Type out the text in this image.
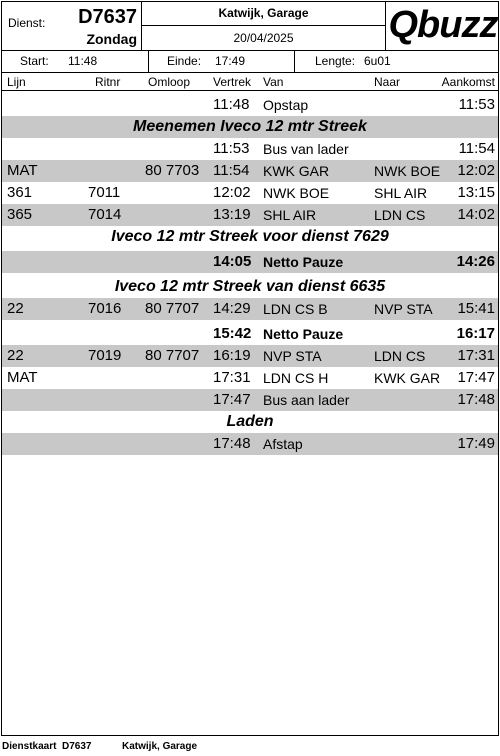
Dienst: D7637
Zondag
Katwijk, Garage
20/04/2025	Qbuzz
Start: 11:48	Einde: 17:49	Lengte: 6u01
Lijn	Ritnr Omloop Vertrek Van	Naar	Aankomst
11:48 Opstap	11:53
Meenemen Iveco 12 mtr Streek
11:53 Bus van lader	11:54
MAT	80 7703 11:54 KWK GAR	NWK BOE 12:02
361	7011	12:02 NWK BOE	SHL AIR 13:15
365	7014	13:19 SHL AIR	LDN CS 14:02
Iveco 12 mtr Streek voor dienst 7629
14:05 Netto Pauze	14:26
Iveco 12 mtr Streek van dienst 6635
22	7016 80 7707 14:29 LDN CS B	NVP STA 15:41
15:42 Netto Pauze	16:17
22	7019 80 7707 16:19 NVP STA	LDN CS 17:31
MAT	17:31 LDN CS H	KWK GAR 17:47
17:47 Bus aan lader	17:48
Laden
17:48 Afstap	17:49
Dienstkaart D7637	Katwijk, Garage
